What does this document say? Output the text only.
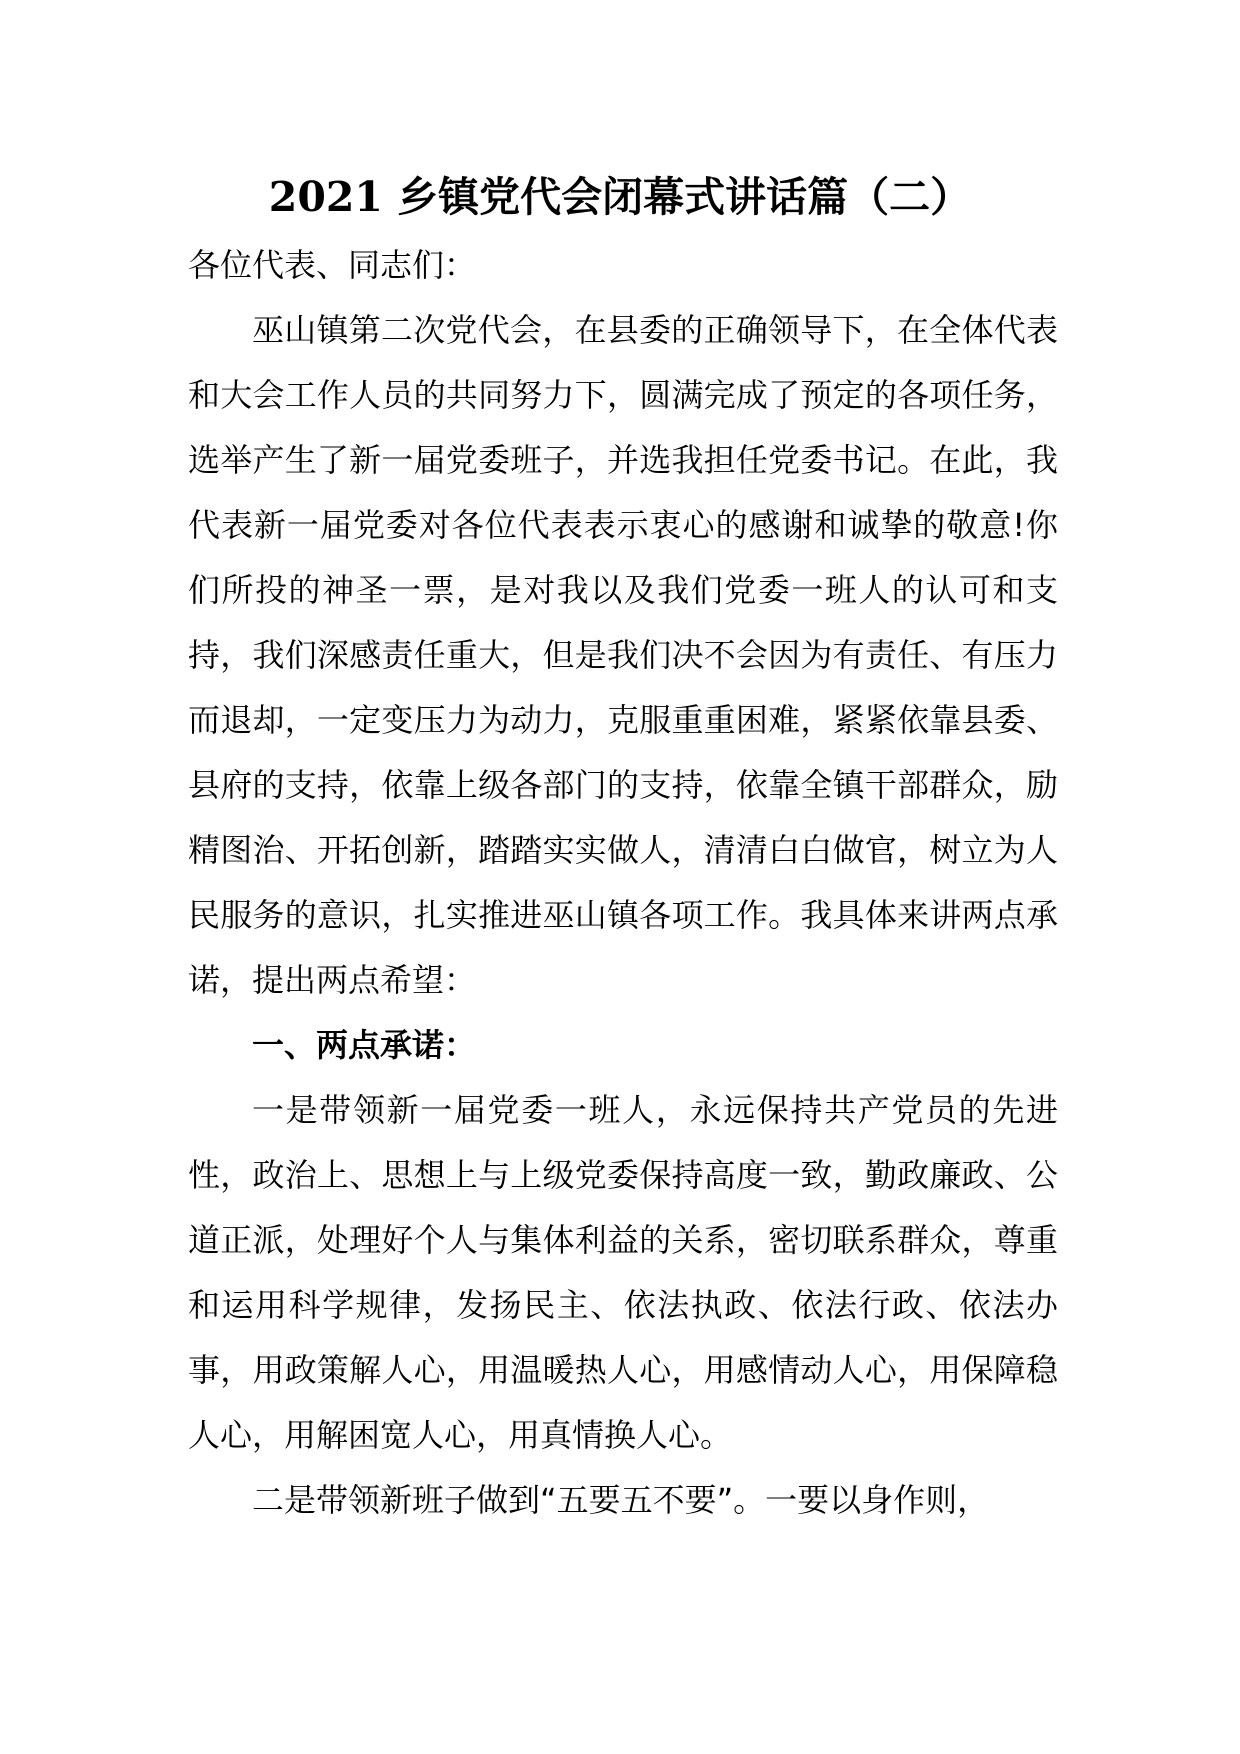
2021 乡镇党代会闭幕式讲话篇（二）

各位代表、同志们：

巫山镇第二次党代会，在县委的正确领导下，在全体代表和大会工作人员的共同努力下，圆满完成了预定的各项任务，选举产生了新一届党委班子，并选我担任党委书记。在此，我代表新一届党委对各位代表表示衷心的感谢和诚挚的敬意!你们所投的神圣一票，是对我以及我们党委一班人的认可和支持，我们深感责任重大，但是我们决不会因为有责任、有压力而退却，一定变压力为动力，克服重重困难，紧紧依靠县委、县府的支持，依靠上级各部门的支持，依靠全镇干部群众，励精图治、开拓创新，踏踏实实做人，清清白白做官，树立为人民服务的意识，扎实推进巫山镇各项工作。我具体来讲两点承诺，提出两点希望：

一、两点承诺：

一是带领新一届党委一班人，永远保持共产党员的先进性，政治上、思想上与上级党委保持高度一致，勤政廉政、公道正派，处理好个人与集体利益的关系，密切联系群众，尊重和运用科学规律，发扬民主、依法执政、依法行政、依法办事，用政策解人心，用温暖热人心，用感情动人心，用保障稳人心，用解困宽人心，用真情换人心。

二是带领新班子做到“五要五不要”。一要以身作则，
